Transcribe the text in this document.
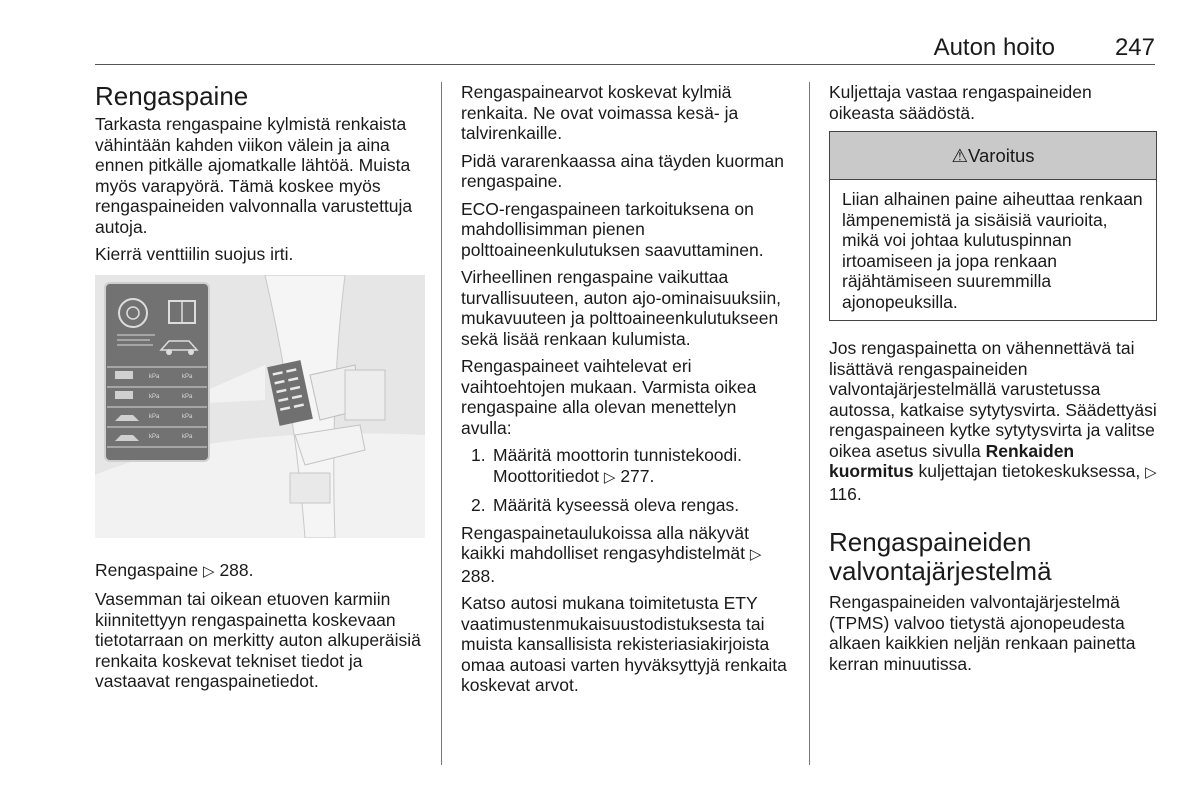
Auton hoito 247
Rengaspaine

Tarkasta rengaspaine kylmistä renkaista vähintään kahden viikon välein ja aina ennen pitkälle ajomatkalle lähtöä. Muista myös varapyörä. Tämä koskee myös rengaspaineiden valvonnalla varustettuja autoja.

Kierrä venttiilin suojus irti.

kPa	kPa
kPa	kPa
kPa	kPa
kPa	kPa

Rengaspaine ▷ 288.

Vasemman tai oikean etuoven karmiin kiinnitettyyn rengaspainetta koskevaan tietotarraan on merkitty auton alkuperäisiä renkaita koskevat tekniset tiedot ja vastaavat rengaspainetiedot.

Rengaspainearvot koskevat kylmiä renkaita. Ne ovat voimassa kesä- ja talvirenkaille.

Pidä vararenkaassa aina täyden kuorman rengaspaine.

ECO-rengaspaineen tarkoituksena on mahdollisimman pienen polttoaineenkulutuksen saavuttaminen.

Virheellinen rengaspaine vaikuttaa turvallisuuteen, auton ajo-ominaisuuksiin, mukavuuteen ja polttoaineenkulutukseen sekä lisää renkaan kulumista.

Rengaspaineet vaihtelevat eri vaihtoehtojen mukaan. Varmista oikea rengaspaine alla olevan menettelyn avulla:

1. Määritä moottorin tunnistekoodi. Moottoritiedot ▷ 277.
2. Määritä kyseessä oleva rengas.

Rengaspainetaulukoissa alla näkyvät kaikki mahdolliset rengasyhdistelmät ▷ 288.

Katso autosi mukana toimitetusta ETY vaatimustenmukaisuustodistuksesta tai muista kansallisista rekisteriasiakirjoista omaa autoasi varten hyväksyttyjä renkaita koskevat arvot.

Kuljettaja vastaa rengaspaineiden oikeasta säädöstä.

⚠Varoitus
Liian alhainen paine aiheuttaa renkaan lämpenemistä ja sisäisiä vaurioita, mikä voi johtaa kulutuspinnan irtoamiseen ja jopa renkaan räjähtämiseen suuremmilla ajonopeuksilla.

Jos rengaspainetta on vähennettävä tai lisättävä rengaspaineiden valvontajärjestelmällä varustetussa autossa, katkaise sytytysvirta. Säädettyäsi rengaspaineen kytke sytytysvirta ja valitse oikea asetus sivulla Renkaiden kuormitus kuljettajan tietokeskuksessa, ▷ 116.

Rengaspaineiden
valvontajärjestelmä

Rengaspaineiden valvontajärjestelmä (TPMS) valvoo tietystä ajonopeudesta alkaen kaikkien neljän renkaan painetta kerran minuutissa.
